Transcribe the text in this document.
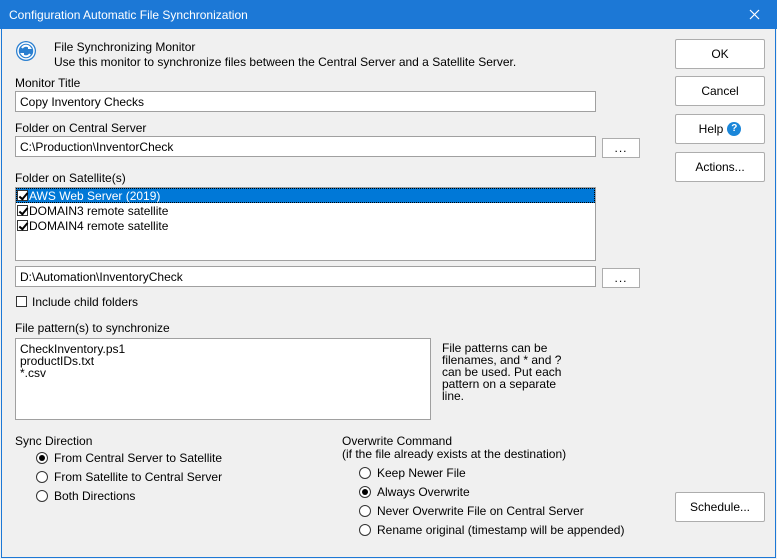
Configuration Automatic File Synchronization
File Synchronizing Monitor
Use this monitor to synchronize files between the Central Server and a Satellite Server.
Monitor Title
Copy Inventory Checks
Folder on Central Server
C:\Production\InventorCheck	...
Folder on Satellite(s)
AWS Web Server (2019)
DOMAIN3 remote satellite
DOMAIN4 remote satellite
D:\Automation\InventoryCheck	...
Include child folders
File pattern(s) to synchronize
CheckInventory.ps1
productIDs.txt
*.csv
File patterns can be
filenames, and * and ?
can be used. Put each
pattern on a separate
line.
Sync Direction
From Central Server to Satellite
From Satellite to Central Server
Both Directions
Overwrite Command
(if the file already exists at the destination)
Keep Newer File
Always Overwrite
Never Overwrite File on Central Server
Rename original (timestamp will be appended)
OK
Cancel
Help ?
Actions...
Schedule...
